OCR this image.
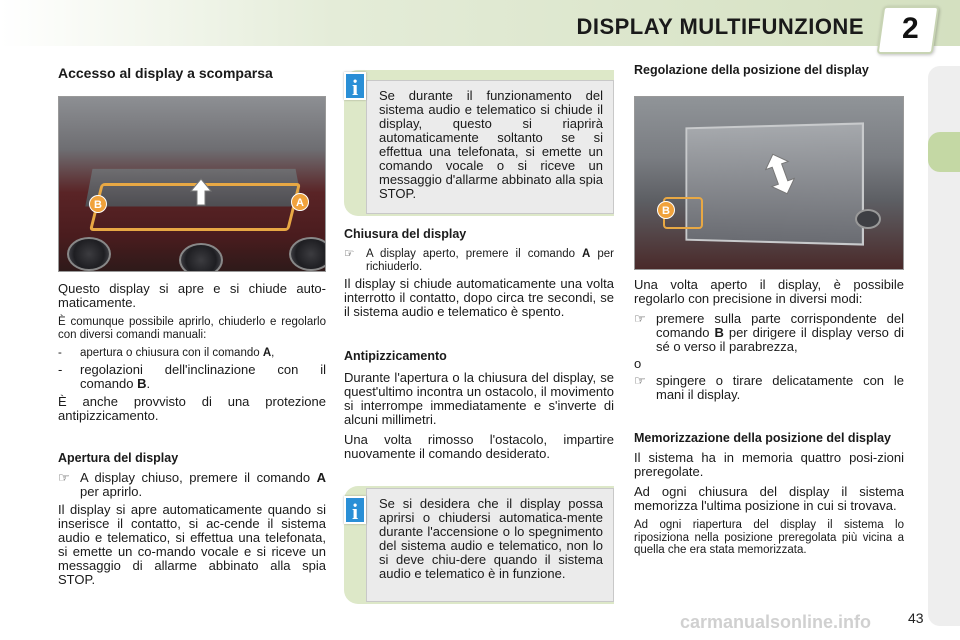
DISPLAY MULTIFUNZIONE 2
Accesso al display a scomparsa
B	A

Questo display si apre e si chiude auto-maticamente.

È comunque possibile aprirlo, chiuderlo e regolarlo con diversi comandi manuali:

-	apertura o chiusura con il comando A,
-	regolazioni dell'inclinazione con il comando B.

È anche provvisto di una protezione antipizzicamento.

Apertura del display
☞ A display chiuso, premere il comando A per aprirlo.

Il display si apre automaticamente quando si inserisce il contatto, si ac-cende il sistema audio e telematico, si effettua una telefonata, si emette un co-mando vocale e si riceve un messaggio di allarme abbinato alla spia STOP.

Se durante il funzionamento del sistema audio e telematico si chiude il display, questo si riaprirà automaticamente soltanto se si effettua una telefonata, si emette un comando vocale o si riceve un messaggio d'allarme abbinato alla spia STOP.
i
Chiusura del display
☞	A display aperto, premere il comando A per richiuderlo.

Il display si chiude automaticamente una volta interrotto il contatto, dopo circa tre secondi, se il sistema audio e telematico è spento.

Antipizzicamento

Durante l'apertura o la chiusura del display, se quest'ultimo incontra un ostacolo, il movimento si interrompe immediatamente e s'inverte di alcuni millimetri.

Una volta rimosso l'ostacolo, impartire nuovamente il comando desiderato.

Se si desidera che il display possa aprirsi o chiudersi automatica-mente durante l'accensione o lo spegnimento del sistema audio e telematico, non lo si deve chiu-dere quando il sistema audio e telematico è in funzione.
i
Regolazione della posizione del display
B

Una volta aperto il display, è possibile regolarlo con precisione in diversi modi:

☞ premere sulla parte corrispondente del comando B per dirigere il display verso di sé o verso il parabrezza,

o

☞ spingere o tirare delicatamente con le mani il display.
Memorizzazione della posizione del display

Il sistema ha in memoria quattro posi-zioni preregolate.

Ad ogni chiusura del display il sistema memorizza l'ultima posizione in cui si trovava.

Ad ogni riapertura del display il sistema lo riposiziona nella posizione preregolata più vicina a quella che era stata memorizzata.

carmanualsonline.info	43
